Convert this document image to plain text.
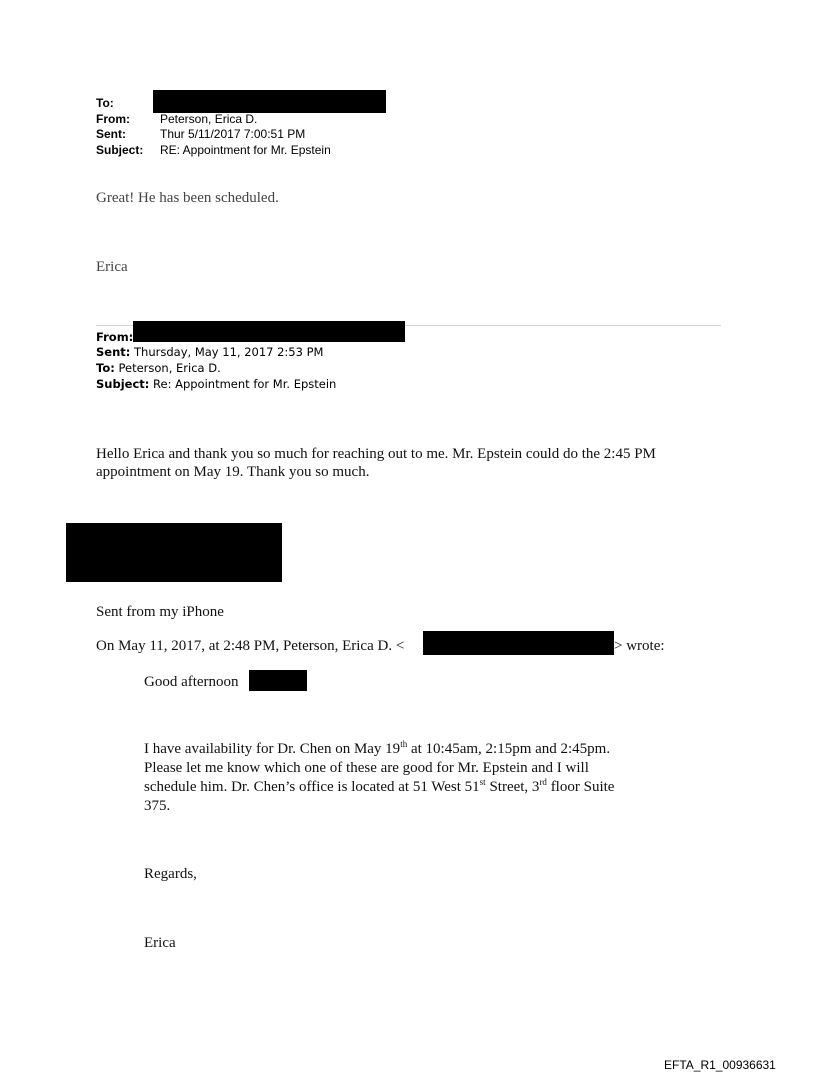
To:
From:	Peterson, Erica D.
Sent:	Thur 5/11/2017 7:00:51 PM
Subject: RE: Appointment for Mr. Epstein
Great! He has been scheduled.
Erica
From:
Sent: Thursday, May 11, 2017 2:53 PM
To: Peterson, Erica D.
Subject: Re: Appointment for Mr. Epstein
Hello Erica and thank you so much for reaching out to me. Mr. Epstein could do the 2:45 PM
appointment on May 19. Thank you so much.
Sent from my iPhone
On May 11, 2017, at 2:48 PM, Peterson, Erica D. <	> wrote:
Good afternoon
I have availability for Dr. Chen on May 19th at 10:45am, 2:15pm and 2:45pm.
Please let me know which one of these are good for Mr. Epstein and I will
schedule him. Dr. Chen’s office is located at 51 West 51st Street, 3rd floor Suite
375.
Regards,
Erica
EFTA_R1_00936631
